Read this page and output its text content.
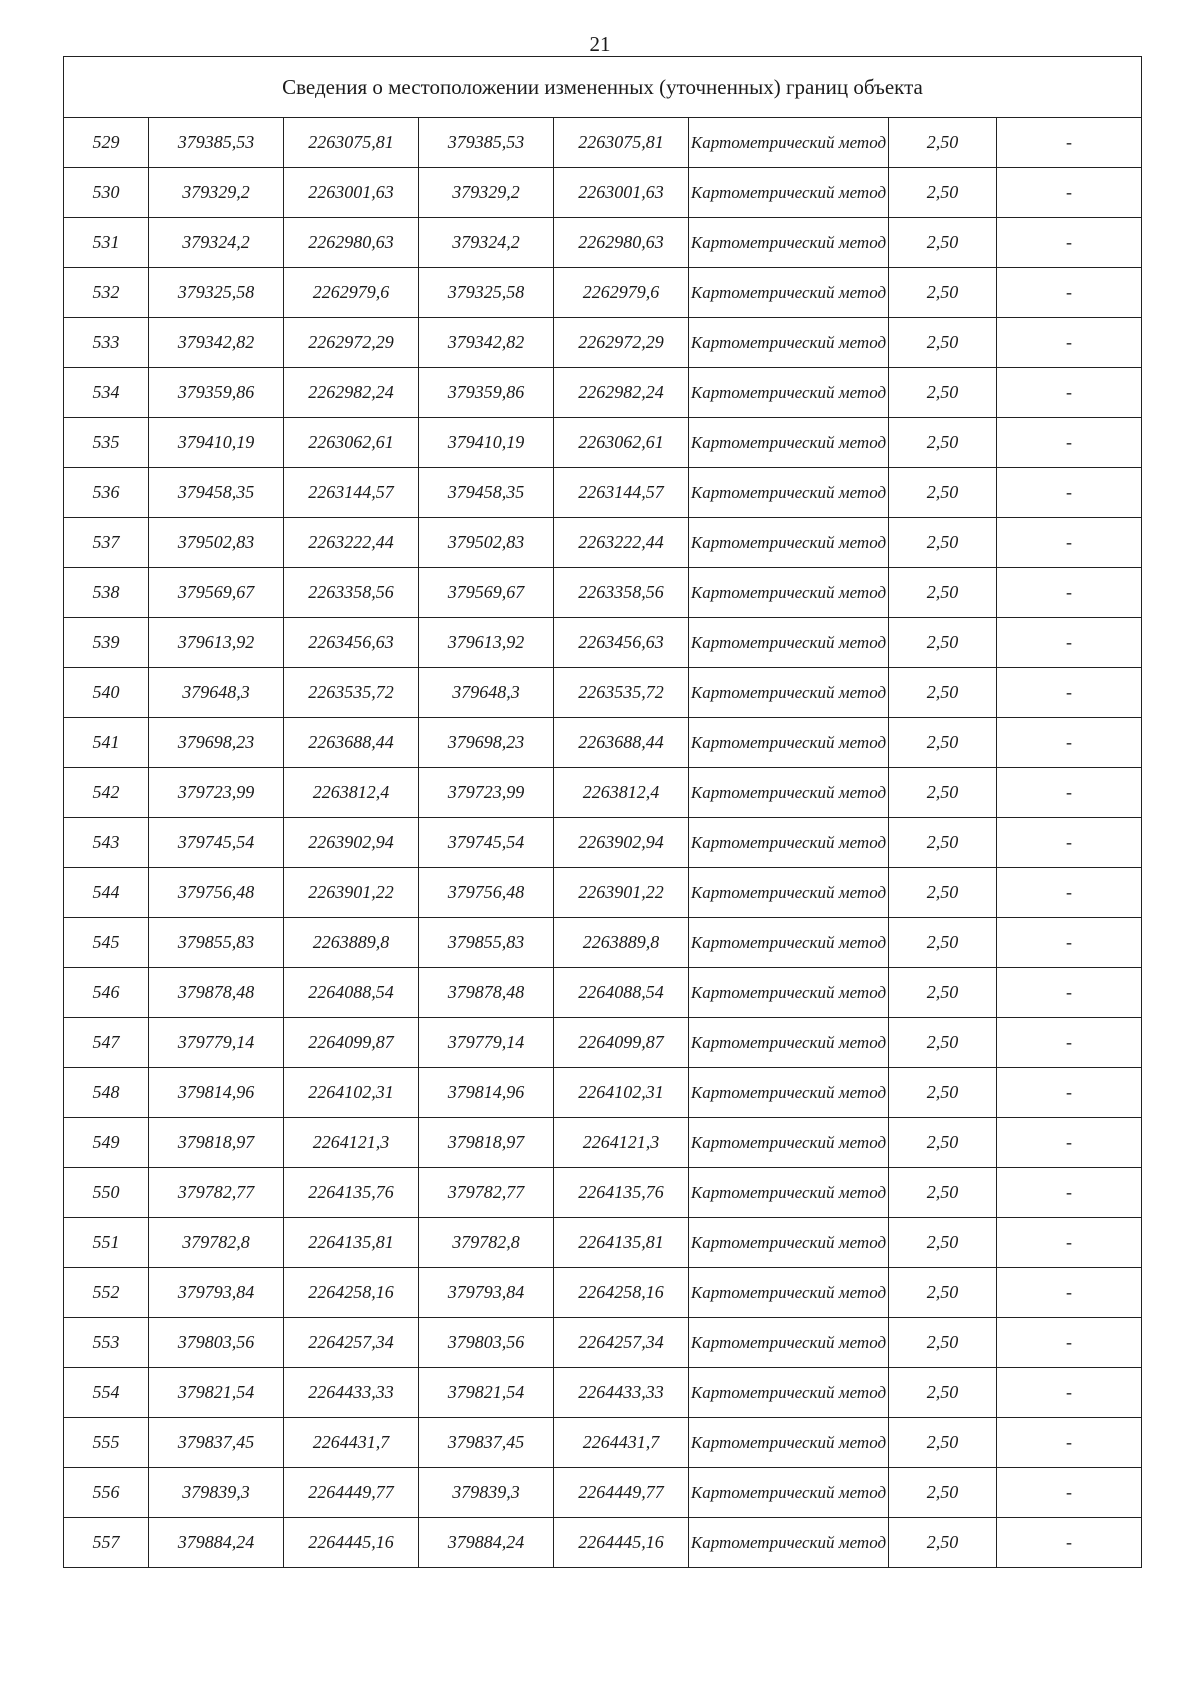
21
Сведения о местоположении измененных (уточненных) границ объекта							
529	379385,53	2263075,81	379385,53	2263075,81	Картометрический метод	2,50	-
530	379329,2	2263001,63	379329,2	2263001,63	Картометрический метод	2,50	-
531	379324,2	2262980,63	379324,2	2262980,63	Картометрический метод	2,50	-
532	379325,58	2262979,6	379325,58	2262979,6	Картометрический метод	2,50	-
533	379342,82	2262972,29	379342,82	2262972,29	Картометрический метод	2,50	-
534	379359,86	2262982,24	379359,86	2262982,24	Картометрический метод	2,50	-
535	379410,19	2263062,61	379410,19	2263062,61	Картометрический метод	2,50	-
536	379458,35	2263144,57	379458,35	2263144,57	Картометрический метод	2,50	-
537	379502,83	2263222,44	379502,83	2263222,44	Картометрический метод	2,50	-
538	379569,67	2263358,56	379569,67	2263358,56	Картометрический метод	2,50	-
539	379613,92	2263456,63	379613,92	2263456,63	Картометрический метод	2,50	-
540	379648,3	2263535,72	379648,3	2263535,72	Картометрический метод	2,50	-
541	379698,23	2263688,44	379698,23	2263688,44	Картометрический метод	2,50	-
542	379723,99	2263812,4	379723,99	2263812,4	Картометрический метод	2,50	-
543	379745,54	2263902,94	379745,54	2263902,94	Картометрический метод	2,50	-
544	379756,48	2263901,22	379756,48	2263901,22	Картометрический метод	2,50	-
545	379855,83	2263889,8	379855,83	2263889,8	Картометрический метод	2,50	-
546	379878,48	2264088,54	379878,48	2264088,54	Картометрический метод	2,50	-
547	379779,14	2264099,87	379779,14	2264099,87	Картометрический метод	2,50	-
548	379814,96	2264102,31	379814,96	2264102,31	Картометрический метод	2,50	-
549	379818,97	2264121,3	379818,97	2264121,3	Картометрический метод	2,50	-
550	379782,77	2264135,76	379782,77	2264135,76	Картометрический метод	2,50	-
551	379782,8	2264135,81	379782,8	2264135,81	Картометрический метод	2,50	-
552	379793,84	2264258,16	379793,84	2264258,16	Картометрический метод	2,50	-
553	379803,56	2264257,34	379803,56	2264257,34	Картометрический метод	2,50	-
554	379821,54	2264433,33	379821,54	2264433,33	Картометрический метод	2,50	-
555	379837,45	2264431,7	379837,45	2264431,7	Картометрический метод	2,50	-
556	379839,3	2264449,77	379839,3	2264449,77	Картометрический метод	2,50	-
557	379884,24	2264445,16	379884,24	2264445,16	Картометрический метод	2,50	-
